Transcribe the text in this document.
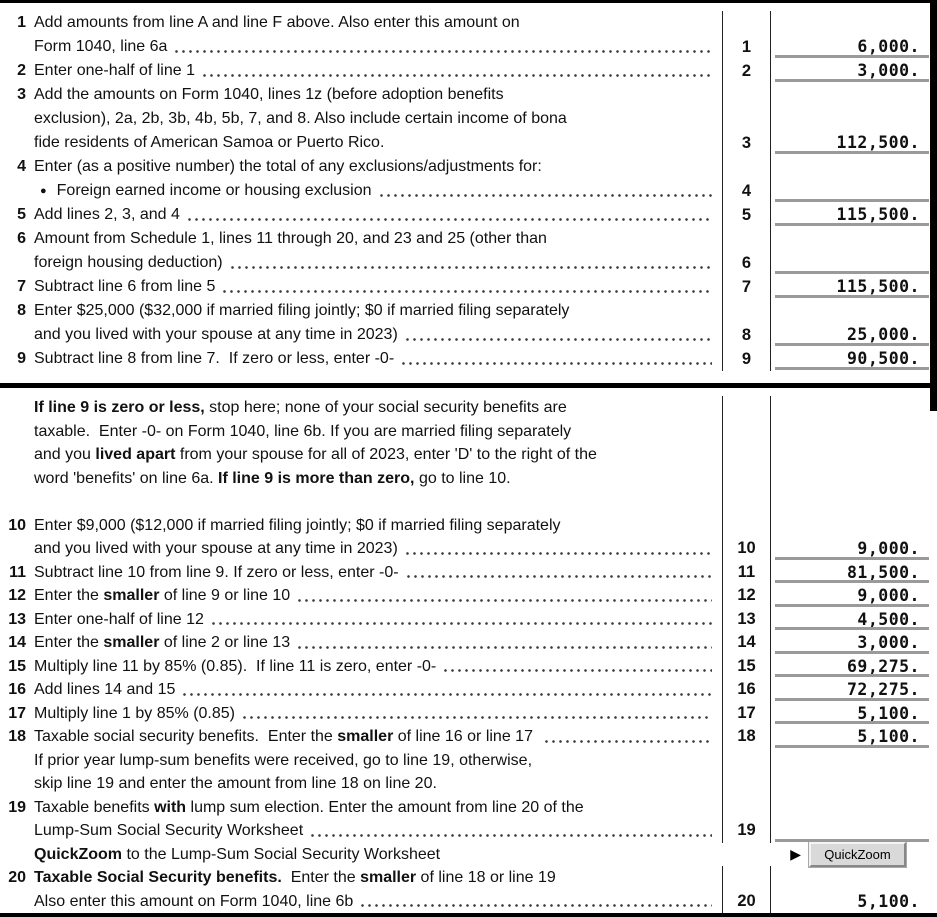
1 Add amounts from line A and line F above. Also enter this amount on
Form 1040, line 6a	1	6,000.
2 Enter one-half of line 1	2	3,000.
3 Add the amounts on Form 1040, lines 1z (before adoption benefits
exclusion), 2a, 2b, 3b, 4b, 5b, 7, and 8. Also include certain income of bona
fide residents of American Samoa or Puerto Rico.	3	112,500.
4 Enter (as a positive number) the total of any exclusions/adjustments for:
● Foreign earned income or housing exclusion	4
5 Add lines 2, 3, and 4	5	115,500.
6 Amount from Schedule 1, lines 11 through 20, and 23 and 25 (other than
foreign housing deduction)	6
7 Subtract line 6 from line 5	7	115,500.
8 Enter $25,000 ($32,000 if married filing jointly; $0 if married filing separately
and you lived with your spouse at any time in 2023)	8	25,000.
9 Subtract line 8 from line 7.  If zero or less, enter -0-	9	90,500.
If line 9 is zero or less, stop here; none of your social security benefits are
taxable.  Enter -0- on Form 1040, line 6b. If you are married filing separately
and you lived apart from your spouse for all of 2023, enter 'D' to the right of the
word 'benefits' on line 6a. If line 9 is more than zero, go to line 10.
10 Enter $9,000 ($12,000 if married filing jointly; $0 if married filing separately
and you lived with your spouse at any time in 2023)	10	9,000.
11 Subtract line 10 from line 9. If zero or less, enter -0-	11	81,500.
12 Enter the smaller of line 9 or line 10	12	9,000.
13 Enter one-half of line 12	13	4,500.
14 Enter the smaller of line 2 or line 13	14	3,000.
15 Multiply line 11 by 85% (0.85).  If line 11 is zero, enter -0-	15	69,275.
16 Add lines 14 and 15	16	72,275.
17 Multiply line 1 by 85% (0.85)	17	5,100.
18 Taxable social security benefits.  Enter the smaller of line 16 or line 17	18	5,100.
If prior year lump-sum benefits were received, go to line 19, otherwise,
skip line 19 and enter the amount from line 18 on line 20.
19 Taxable benefits with lump sum election. Enter the amount from line 20 of the
Lump-Sum Social Security Worksheet	19
QuickZoom to the Lump-Sum Social Security Worksheet	▶	QuickZoom
20 Taxable Social Security benefits.  Enter the smaller of line 18 or line 19
Also enter this amount on Form 1040, line 6b	20	5,100.
